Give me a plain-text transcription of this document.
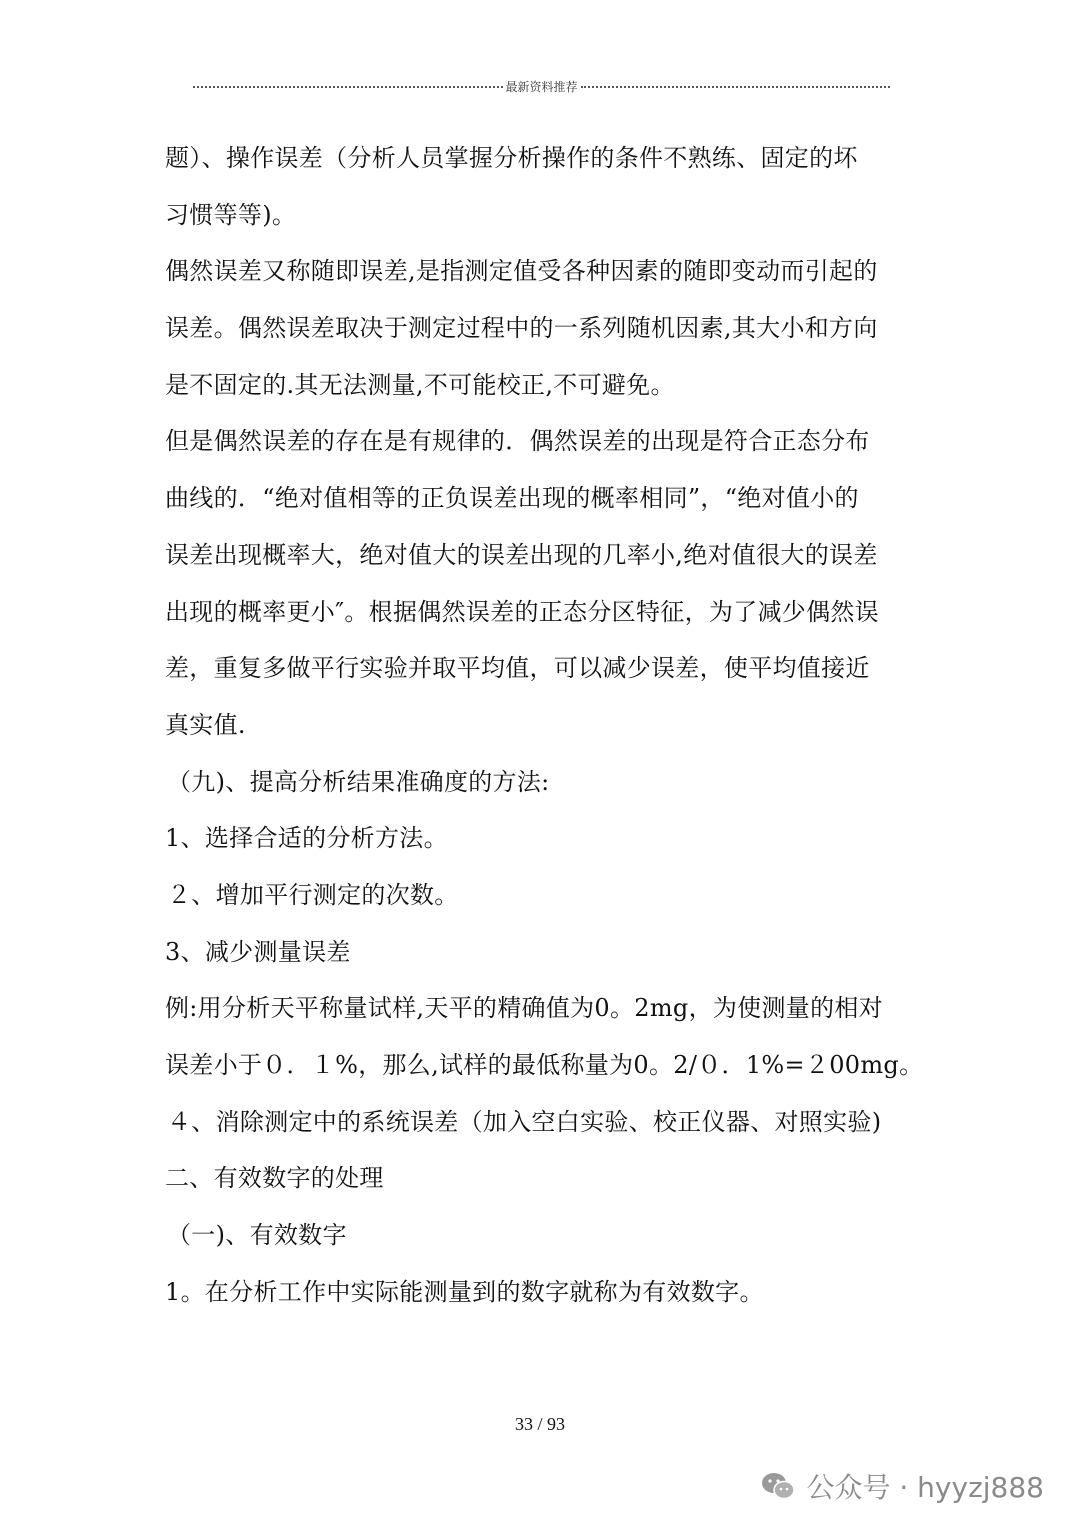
最新资料推荐
题）、操作误差（分析人员掌握分析操作的条件不熟练、固定的坏
习惯等等)。
偶然误差又称随即误差,是指测定值受各种因素的随即变动而引起的
误差。偶然误差取决于测定过程中的一系列随机因素,其大小和方向
是不固定的.其无法测量,不可能校正,不可避免。
但是偶然误差的存在是有规律的．偶然误差的出现是符合正态分布
曲线的．“绝对值相等的正负误差出现的概率相同”，“绝对值小的
误差出现概率大，绝对值大的误差出现的几率小,绝对值很大的误差
出现的概率更小″。根据偶然误差的正态分区特征，为了减少偶然误
差，重复多做平行实验并取平均值，可以减少误差，使平均值接近
真实值.
（九)、提高分析结果准确度的方法:
1、选择合适的分析方法。
２、增加平行测定的次数。
3、减少测量误差
例:用分析天平称量试样,天平的精确值为0。2mg，为使测量的相对
误差小于０．１%，那么,试样的最低称量为0。2/０．1%=２00mg。
４、消除测定中的系统误差（加入空白实验、校正仪器、对照实验)
二、有效数字的处理
（一)、有效数字
1。在分析工作中实际能测量到的数字就称为有效数字。
33 / 93
公众号 · hyyzj888
